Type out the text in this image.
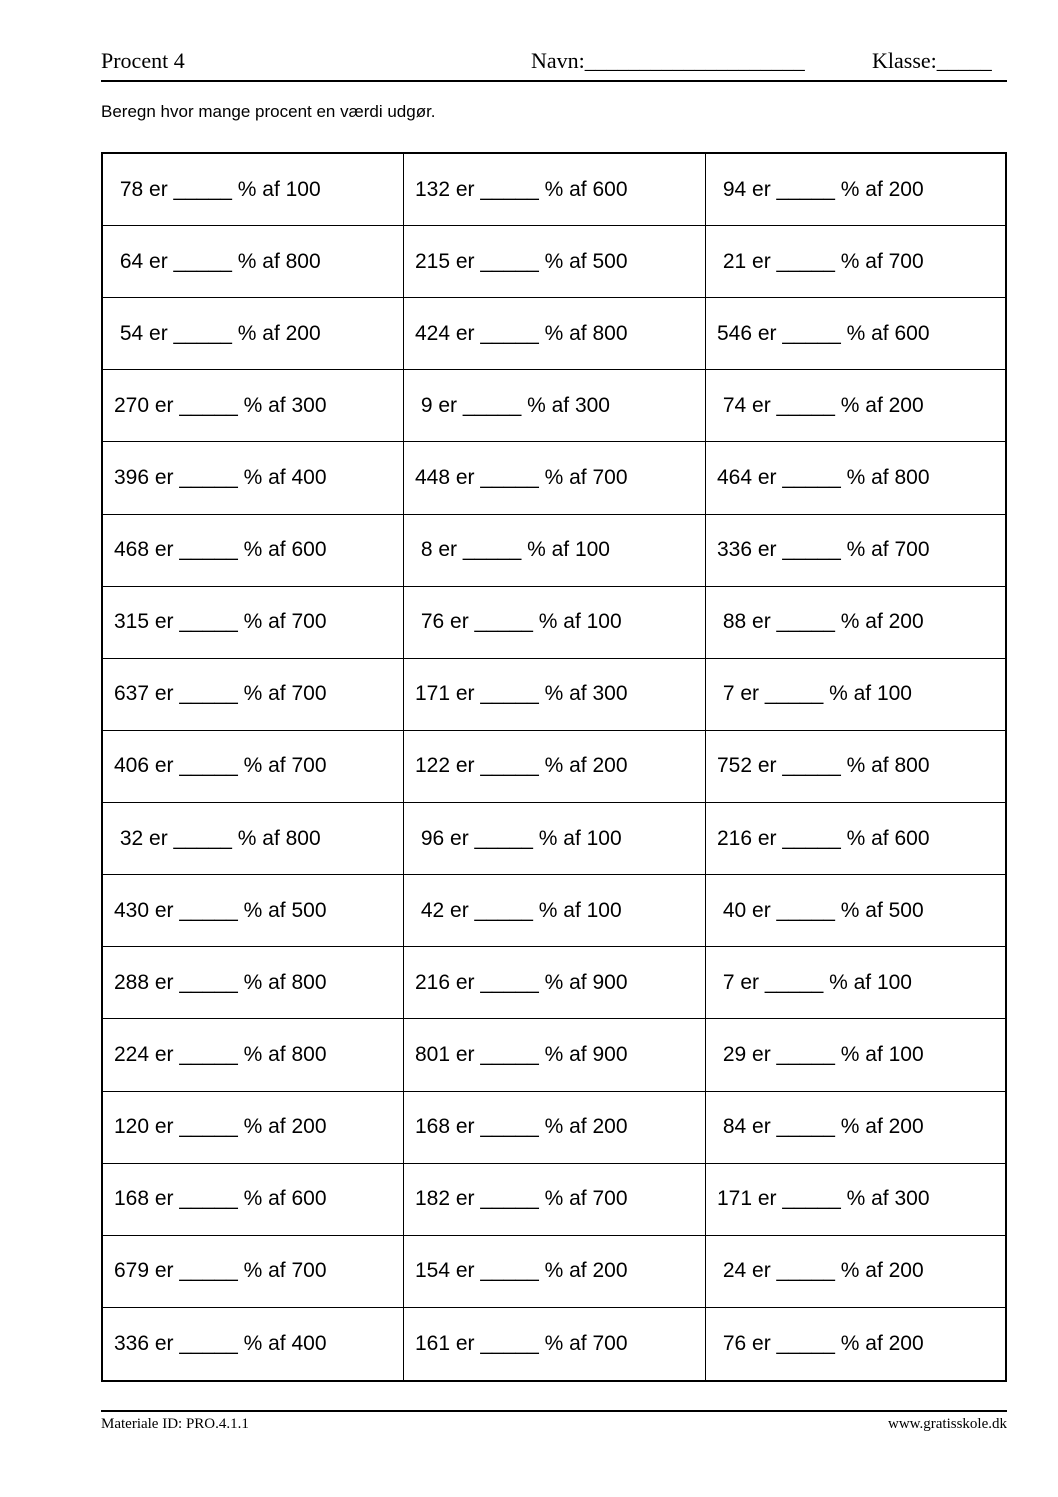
Procent 4	Navn:____________________	Klasse:_____
Beregn hvor mange procent en værdi udgør.
78 er _____ % af 100	132 er _____ % af 600	94 er _____ % af 200
64 er _____ % af 800	215 er _____ % af 500	21 er _____ % af 700
54 er _____ % af 200	424 er _____ % af 800	546 er _____ % af 600
270 er _____ % af 300	9 er _____ % af 300	74 er _____ % af 200
396 er _____ % af 400	448 er _____ % af 700	464 er _____ % af 800
468 er _____ % af 600	8 er _____ % af 100	336 er _____ % af 700
315 er _____ % af 700	76 er _____ % af 100	88 er _____ % af 200
637 er _____ % af 700	171 er _____ % af 300	7 er _____ % af 100
406 er _____ % af 700	122 er _____ % af 200	752 er _____ % af 800
32 er _____ % af 800	96 er _____ % af 100	216 er _____ % af 600
430 er _____ % af 500	42 er _____ % af 100	40 er _____ % af 500
288 er _____ % af 800	216 er _____ % af 900	7 er _____ % af 100
224 er _____ % af 800	801 er _____ % af 900	29 er _____ % af 100
120 er _____ % af 200	168 er _____ % af 200	84 er _____ % af 200
168 er _____ % af 600	182 er _____ % af 700	171 er _____ % af 300
679 er _____ % af 700	154 er _____ % af 200	24 er _____ % af 200
336 er _____ % af 400	161 er _____ % af 700	76 er _____ % af 200
Materiale ID: PRO.4.1.1	www.gratisskole.dk
